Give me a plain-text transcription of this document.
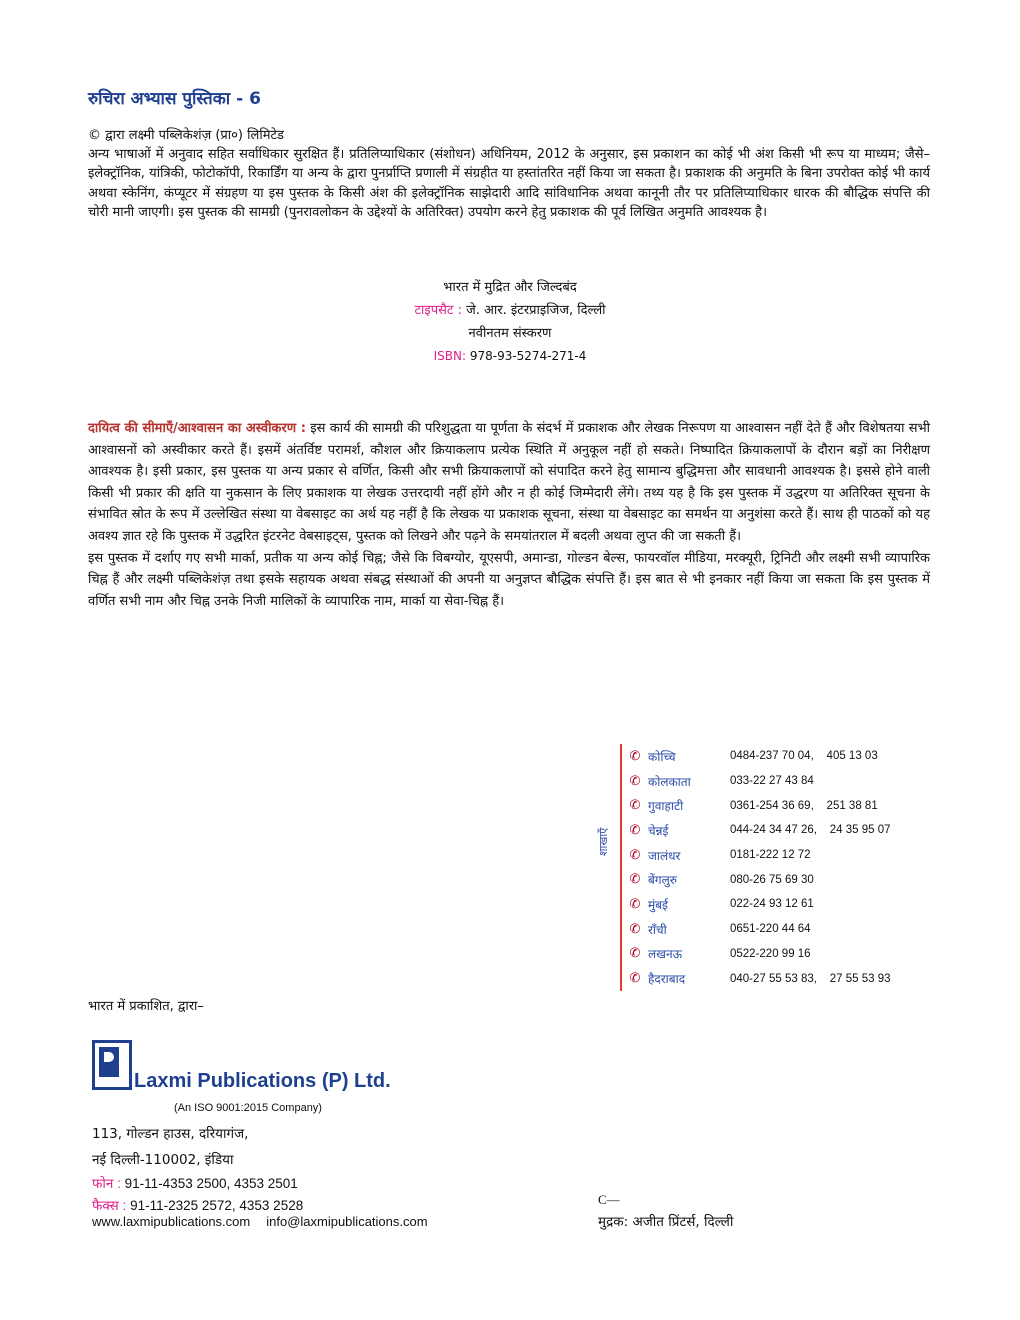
रुचिरा अभ्यास पुस्तिका - 6

© द्वारा लक्ष्मी पब्लिकेशंज़ (प्रा०) लिमिटेड

अन्य भाषाओं में अनुवाद सहित सर्वाधिकार सुरक्षित हैं। प्रतिलिप्याधिकार (संशोधन) अधिनियम, 2012 के अनुसार, इस प्रकाशन का कोई भी अंश किसी भी रूप या माध्यम; जैसे–इलेक्ट्रॉनिक, यांत्रिकी, फोटोकॉपी, रिकार्डिंग या अन्य के द्वारा पुनर्प्राप्ति प्रणाली में संग्रहीत या हस्तांतरित नहीं किया जा सकता है। प्रकाशक की अनुमति के बिना उपरोक्त कोई भी कार्य अथवा स्केनिंग, कंप्यूटर में संग्रहण या इस पुस्तक के किसी अंश की इलेक्ट्रॉनिक साझेदारी आदि सांविधानिक अथवा कानूनी तौर पर प्रतिलिप्याधिकार धारक की बौद्धिक संपत्ति की चोरी मानी जाएगी। इस पुस्तक की सामग्री (पुनरावलोकन के उद्देश्यों के अतिरिक्त) उपयोग करने हेतु प्रकाशक की पूर्व लिखित अनुमति आवश्यक है।

भारत में मुद्रित और जिल्दबंद
टाइपसैट : जे. आर. इंटरप्राइजिज, दिल्ली
नवीनतम संस्करण
ISBN: 978-93-5274-271-4

दायित्व की सीमाएँ/आश्वासन का अस्वीकरण : इस कार्य की सामग्री की परिशुद्धता या पूर्णता के संदर्भ में प्रकाशक और लेखक निरूपण या आश्वासन नहीं देते हैं और विशेषतया सभी आश्वासनों को अस्वीकार करते हैं। इसमें अंतर्विष्ट परामर्श, कौशल और क्रियाकलाप प्रत्येक स्थिति में अनुकूल नहीं हो सकते। निष्पादित क्रियाकलापों के दौरान बड़ों का निरीक्षण आवश्यक है। इसी प्रकार, इस पुस्तक या अन्य प्रकार से वर्णित, किसी और सभी क्रियाकलापों को संपादित करने हेतु सामान्य बुद्धिमत्ता और सावधानी आवश्यक है। इससे होने वाली किसी भी प्रकार की क्षति या नुकसान के लिए प्रकाशक या लेखक उत्तरदायी नहीं होंगे और न ही कोई जिम्मेदारी लेंगे। तथ्य यह है कि इस पुस्तक में उद्धरण या अतिरिक्त सूचना के संभावित स्रोत के रूप में उल्लेखित संस्था या वेबसाइट का अर्थ यह नहीं है कि लेखक या प्रकाशक सूचना, संस्था या वेबसाइट का समर्थन या अनुशंसा करते हैं। साथ ही पाठकों को यह अवश्य ज्ञात रहे कि पुस्तक में उद्धरित इंटरनेट वेबसाइट्स, पुस्तक को लिखने और पढ़ने के समयांतराल में बदली अथवा लुप्त की जा सकती हैं।

इस पुस्तक में दर्शाए गए सभी मार्का, प्रतीक या अन्य कोई चिह्न; जैसे कि विबग्योर, यूएसपी, अमान्डा, गोल्डन बेल्स, फायरवॉल मीडिया, मरक्यूरी, ट्रिनिटी और लक्ष्मी सभी व्यापारिक चिह्न हैं और लक्ष्मी पब्लिकेशंज़ तथा इसके सहायक अथवा संबद्ध संस्थाओं की अपनी या अनुज्ञप्त बौद्धिक संपत्ति हैं। इस बात से भी इनकार नहीं किया जा सकता कि इस पुस्तक में वर्णित सभी नाम और चिह्न उनके निजी मालिकों के व्यापारिक नाम, मार्का या सेवा-चिह्न हैं।

शाखाएँ
✆ कोच्चि	0484-237 70 04,    405 13 03
✆ कोलकाता	033-22 27 43 84
✆ गुवाहाटी	0361-254 36 69,    251 38 81
✆ चेन्नई	044-24 34 47 26,    24 35 95 07
✆ जालंधर	0181-222 12 72
✆ बेंगलुरु	080-26 75 69 30
✆ मुंबई	022-24 93 12 61
✆ राँची	0651-220 44 64
✆ लखनऊ	0522-220 99 16
✆ हैदराबाद	040-27 55 53 83,    27 55 53 93
भारत में प्रकाशित, द्वारा–
Laxmi Publications (P) Ltd.
(An ISO 9001:2015 Company)
113, गोल्डन हाउस, दरियागंज,
नई दिल्ली-110002, इंडिया
फोन : 91-11-4353 2500, 4353 2501
फैक्स : 91-11-2325 2572, 4353 2528
www.laxmipublications.com info@laxmipublications.com
C—
मुद्रक: अजीत प्रिंटर्स, दिल्ली
